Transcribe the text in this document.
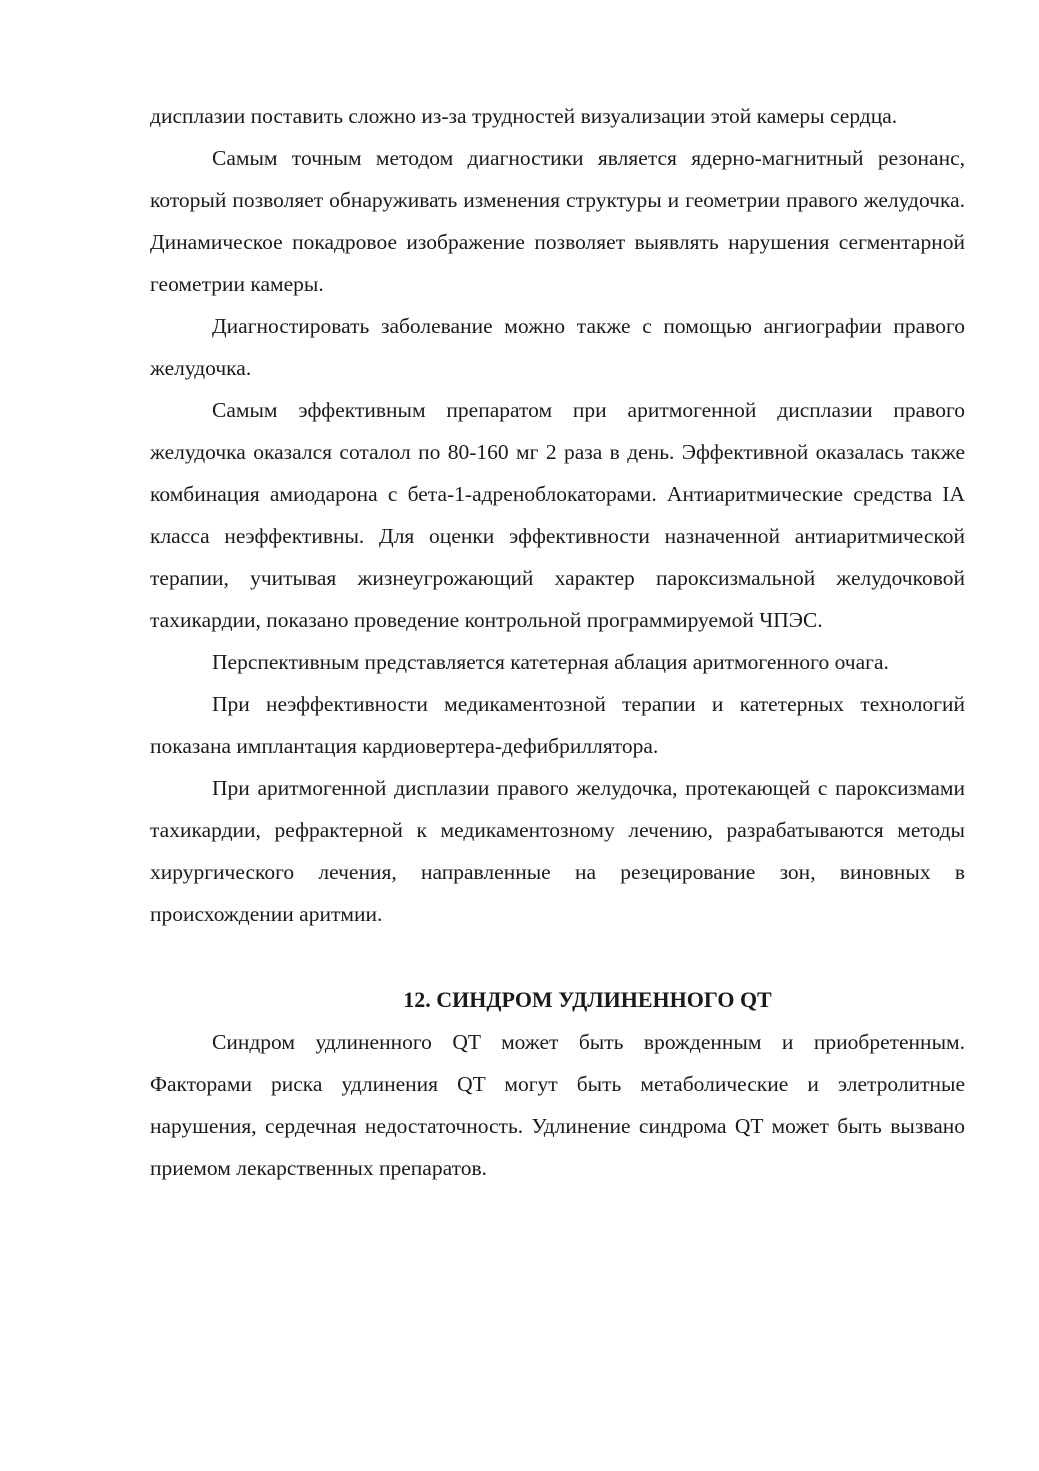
дисплазии поставить сложно из-за трудностей визуализации этой камеры сердца.

Самым точным методом диагностики является ядерно-магнитный резонанс, который позволяет обнаруживать изменения структуры и геометрии правого желудочка. Динамическое покадровое изображение позволяет выявлять нарушения сегментарной геометрии камеры.

Диагностировать заболевание можно также с помощью ангиографии правого желудочка.

Самым эффективным препаратом при аритмогенной дисплазии правого желудочка оказался соталол по 80-160 мг 2 раза в день. Эффективной оказалась также комбинация амиодарона с бета-1-адреноблокаторами. Антиаритмические средства IA класса неэффективны. Для оценки эффективности назначенной антиаритмической терапии, учитывая жизнеугрожающий характер пароксизмальной желудочковой тахикардии, показано проведение контрольной программируемой ЧПЭС.

Перспективным представляется катетерная аблация аритмогенного очага.

При неэффективности медикаментозной терапии и катетерных технологий показана имплантация кардиовертера-дефибриллятора.

При аритмогенной дисплазии правого желудочка, протекающей с пароксизмами тахикардии, рефрактерной к медикаментозному лечению, разрабатываются методы хирургического лечения, направленные на резецирование зон, виновных в происхождении аритмии.

12. СИНДРОМ УДЛИНЕННОГО QT

Синдром удлиненного QT может быть врожденным и приобретенным. Факторами риска удлинения QT могут быть метаболические и элетролитные нарушения, сердечная недостаточность. Удлинение синдрома QT может быть вызвано приемом лекарственных препаратов.
